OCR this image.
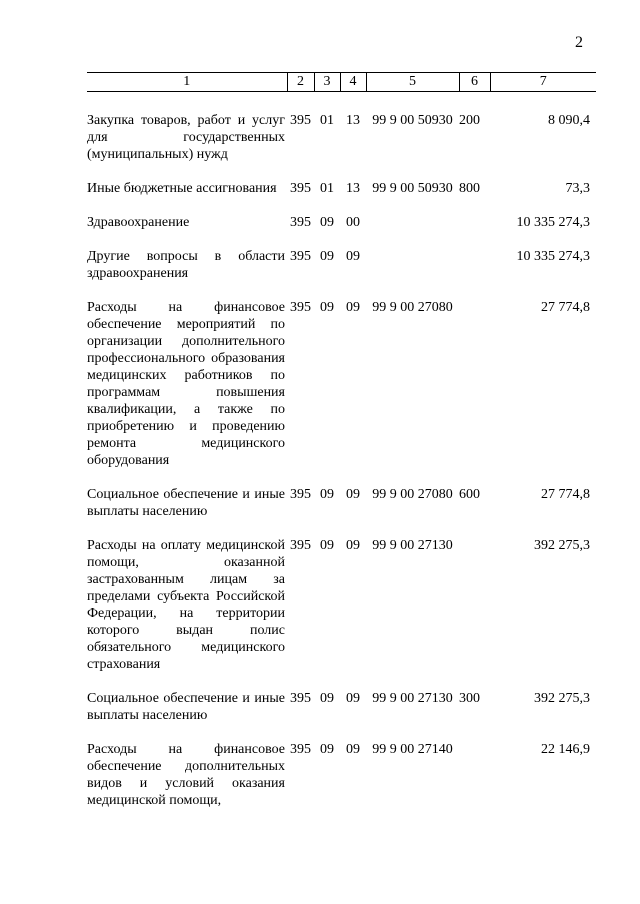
2
1	2	3	4	5	6	7

Закупка товаров, работ и услуг для государственных (муниципальных) нужд	395	01	13	99 9 00 50930	200	8 090,4

Иные бюджетные ассигнования	395	01	13	99 9 00 50930	800	73,3

Здравоохранение	395	09	00			10 335 274,3

Другие вопросы в области здравоохранения	395	09	09			10 335 274,3

Расходы на финансовое обеспечение мероприятий по организации дополнительного профессионального образования медицинских работников по программам повышения квалификации, а также по приобретению и проведению ремонта медицинского оборудования	395	09	09	99 9 00 27080		27 774,8

Социальное обеспечение и иные выплаты населению	395	09	09	99 9 00 27080	600	27 774,8

Расходы на оплату медицинской помощи, оказанной застрахованным лицам за пределами субъекта Российской Федерации, на территории которого выдан полис обязательного медицинского страхования	395	09	09	99 9 00 27130		392 275,3

Социальное обеспечение и иные выплаты населению	395	09	09	99 9 00 27130	300	392 275,3

Расходы на финансовое обеспечение дополнительных видов и условий оказания медицинской помощи,	395	09	09	99 9 00 27140		22 146,9
